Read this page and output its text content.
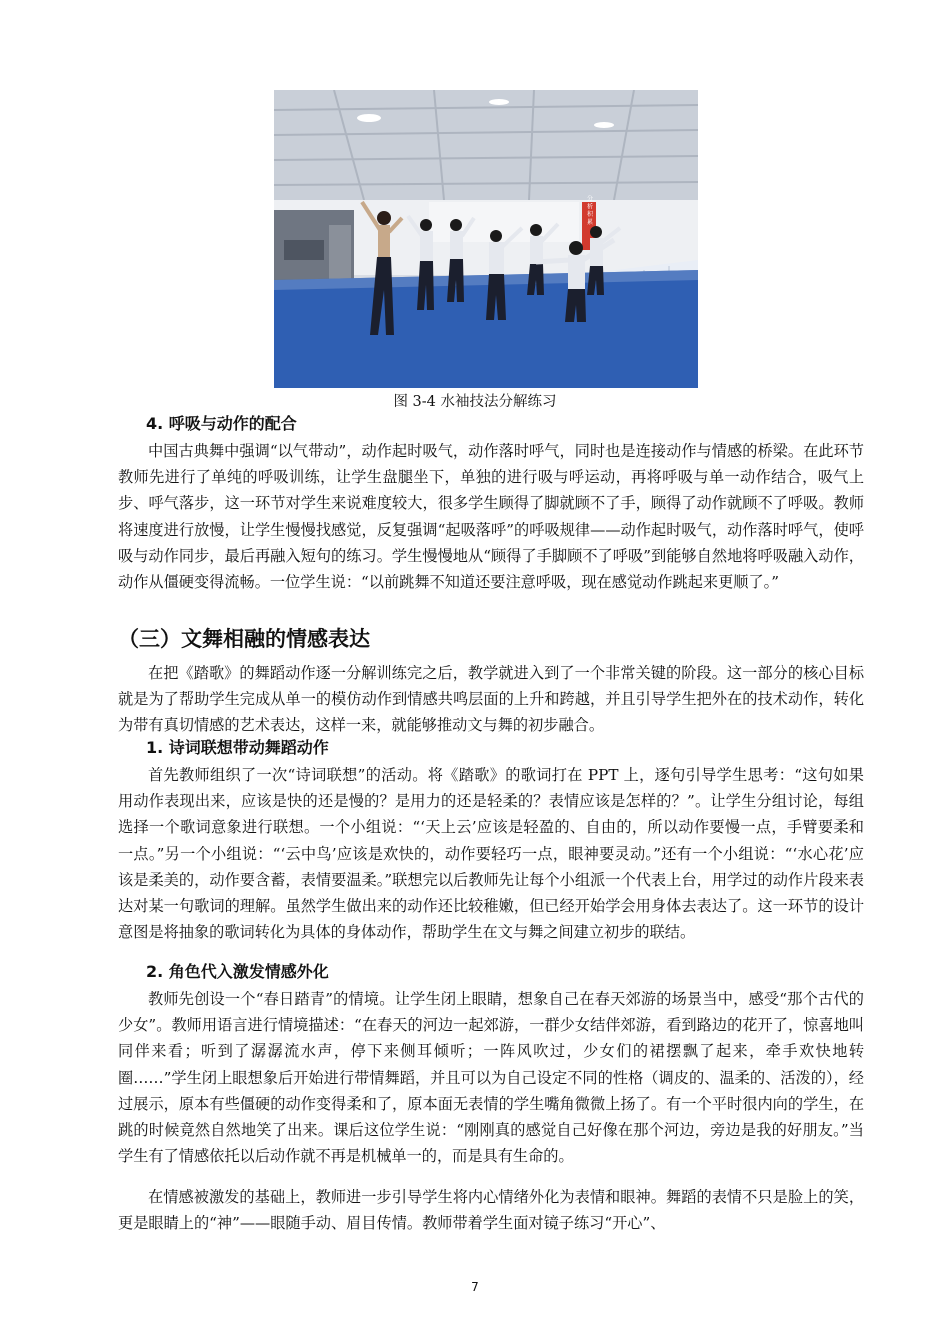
分 析 积 累
图 3-4 水袖技法分解练习
4. 呼吸与动作的配合

中国古典舞中强调“以气带动”，动作起时吸气，动作落时呼气，同时也是连接动作与情感的桥梁。在此环节教师先进行了单纯的呼吸训练，让学生盘腿坐下，单独的进行吸与呼运动，再将呼吸与单一动作结合，吸气上步、呼气落步，这一环节对学生来说难度较大，很多学生顾得了脚就顾不了手，顾得了动作就顾不了呼吸。教师将速度进行放慢，让学生慢慢找感觉，反复强调“起吸落呼”的呼吸规律——动作起时吸气，动作落时呼气，使呼吸与动作同步，最后再融入短句的练习。学生慢慢地从“顾得了手脚顾不了呼吸”到能够自然地将呼吸融入动作，动作从僵硬变得流畅。一位学生说：“以前跳舞不知道还要注意呼吸，现在感觉动作跳起来更顺了。”

（三）文舞相融的情感表达

在把《踏歌》的舞蹈动作逐一分解训练完之后，教学就进入到了一个非常关键的阶段。这一部分的核心目标就是为了帮助学生完成从单一的模仿动作到情感共鸣层面的上升和跨越，并且引导学生把外在的技术动作，转化为带有真切情感的艺术表达，这样一来，就能够推动文与舞的初步融合。

1. 诗词联想带动舞蹈动作

首先教师组织了一次“诗词联想”的活动。将《踏歌》的歌词打在 PPT 上，逐句引导学生思考：“这句如果用动作表现出来，应该是快的还是慢的？是用力的还是轻柔的？表情应该是怎样的？”。让学生分组讨论，每组选择一个歌词意象进行联想。一个小组说：“‘天上云’应该是轻盈的、自由的，所以动作要慢一点，手臂要柔和一点。”另一个小组说：“‘云中鸟’应该是欢快的，动作要轻巧一点，眼神要灵动。”还有一个小组说：“‘水心花’应该是柔美的，动作要含蓄，表情要温柔。”联想完以后教师先让每个小组派一个代表上台，用学过的动作片段来表达对某一句歌词的理解。虽然学生做出来的动作还比较稚嫩，但已经开始学会用身体去表达了。这一环节的设计意图是将抽象的歌词转化为具体的身体动作，帮助学生在文与舞之间建立初步的联结。

2. 角色代入激发情感外化

教师先创设一个“春日踏青”的情境。让学生闭上眼睛，想象自己在春天郊游的场景当中，感受“那个古代的少女”。教师用语言进行情境描述：“在春天的河边一起郊游，一群少女结伴郊游，看到路边的花开了，惊喜地叫同伴来看；听到了潺潺流水声，停下来侧耳倾听；一阵风吹过，少女们的裙摆飘了起来，牵手欢快地转圈……”学生闭上眼想象后开始进行带情舞蹈，并且可以为自己设定不同的性格（调皮的、温柔的、活泼的），经过展示，原本有些僵硬的动作变得柔和了，原本面无表情的学生嘴角微微上扬了。有一个平时很内向的学生，在跳的时候竟然自然地笑了出来。课后这位学生说：“刚刚真的感觉自己好像在那个河边，旁边是我的好朋友。”当学生有了情感依托以后动作就不再是机械单一的，而是具有生命的。

在情感被激发的基础上，教师进一步引导学生将内心情绪外化为表情和眼神。舞蹈的表情不只是脸上的笑，更是眼睛上的“神”——眼随手动、眉目传情。教师带着学生面对镜子练习“开心”、

7
